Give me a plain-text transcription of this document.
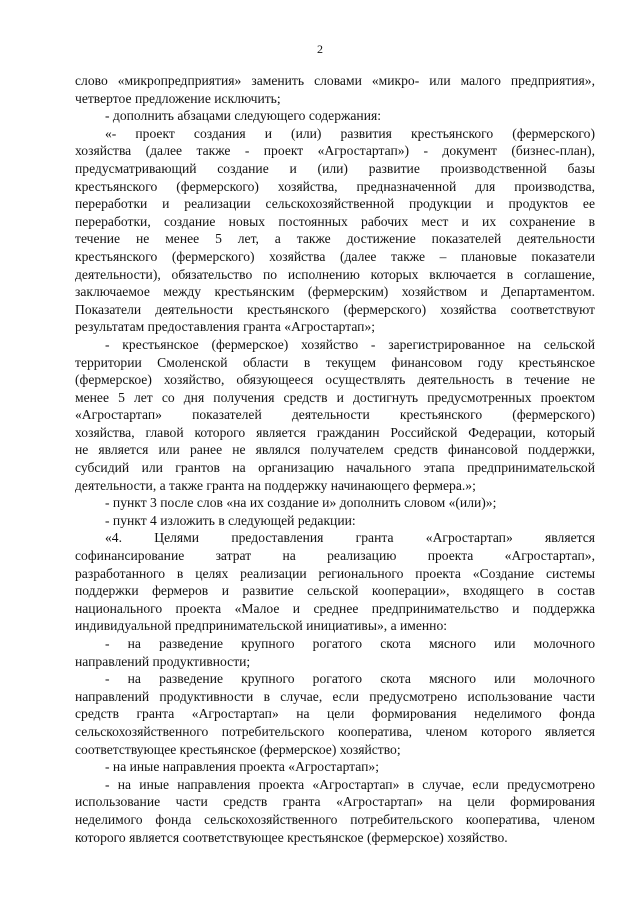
2
слово «микропредприятия» заменить словами «микро- или малого предприятия»,
четвертое предложение исключить;
- дополнить абзацами следующего содержания:
«- проект создания и (или) развития крестьянского (фермерского)
хозяйства (далее также - проект «Агростартап») - документ (бизнес-план),
предусматривающий создание и (или) развитие производственной базы
крестьянского (фермерского) хозяйства, предназначенной для производства,
переработки и реализации сельскохозяйственной продукции и продуктов ее
переработки, создание новых постоянных рабочих мест и их сохранение в
течение не менее 5 лет, а также достижение показателей деятельности
крестьянского (фермерского) хозяйства (далее также – плановые показатели
деятельности), обязательство по исполнению которых включается в соглашение,
заключаемое между крестьянским (фермерским) хозяйством и Департаментом.
Показатели деятельности крестьянского (фермерского) хозяйства соответствуют
результатам предоставления гранта «Агростартап»;
- крестьянское (фермерское) хозяйство - зарегистрированное на сельской
территории Смоленской области в текущем финансовом году крестьянское
(фермерское) хозяйство, обязующееся осуществлять деятельность в течение не
менее 5 лет со дня получения средств и достигнуть предусмотренных проектом
«Агростартап» показателей деятельности крестьянского (фермерского)
хозяйства, главой которого является гражданин Российской Федерации, который
не является или ранее не являлся получателем средств финансовой поддержки,
субсидий или грантов на организацию начального этапа предпринимательской
деятельности, а также гранта на поддержку начинающего фермера.»;
- пункт 3 после слов «на их создание и» дополнить словом «(или)»;
- пункт 4 изложить в следующей редакции:
«4. Целями предоставления гранта «Агростартап» является
софинансирование затрат на реализацию проекта «Агростартап»,
разработанного в целях реализации регионального проекта «Создание системы
поддержки фермеров и развитие сельской кооперации», входящего в состав
национального проекта «Малое и среднее предпринимательство и поддержка
индивидуальной предпринимательской инициативы», а именно:
- на разведение крупного рогатого скота мясного или молочного
направлений продуктивности;
- на разведение крупного рогатого скота мясного или молочного
направлений продуктивности в случае, если предусмотрено использование части
средств гранта «Агростартап» на цели формирования неделимого фонда
сельскохозяйственного потребительского кооператива, членом которого является
соответствующее крестьянское (фермерское) хозяйство;
- на иные направления проекта «Агростартап»;
- на иные направления проекта «Агростартап» в случае, если предусмотрено
использование части средств гранта «Агростартап» на цели формирования
неделимого фонда сельскохозяйственного потребительского кооператива, членом
которого является соответствующее крестьянское (фермерское) хозяйство.
